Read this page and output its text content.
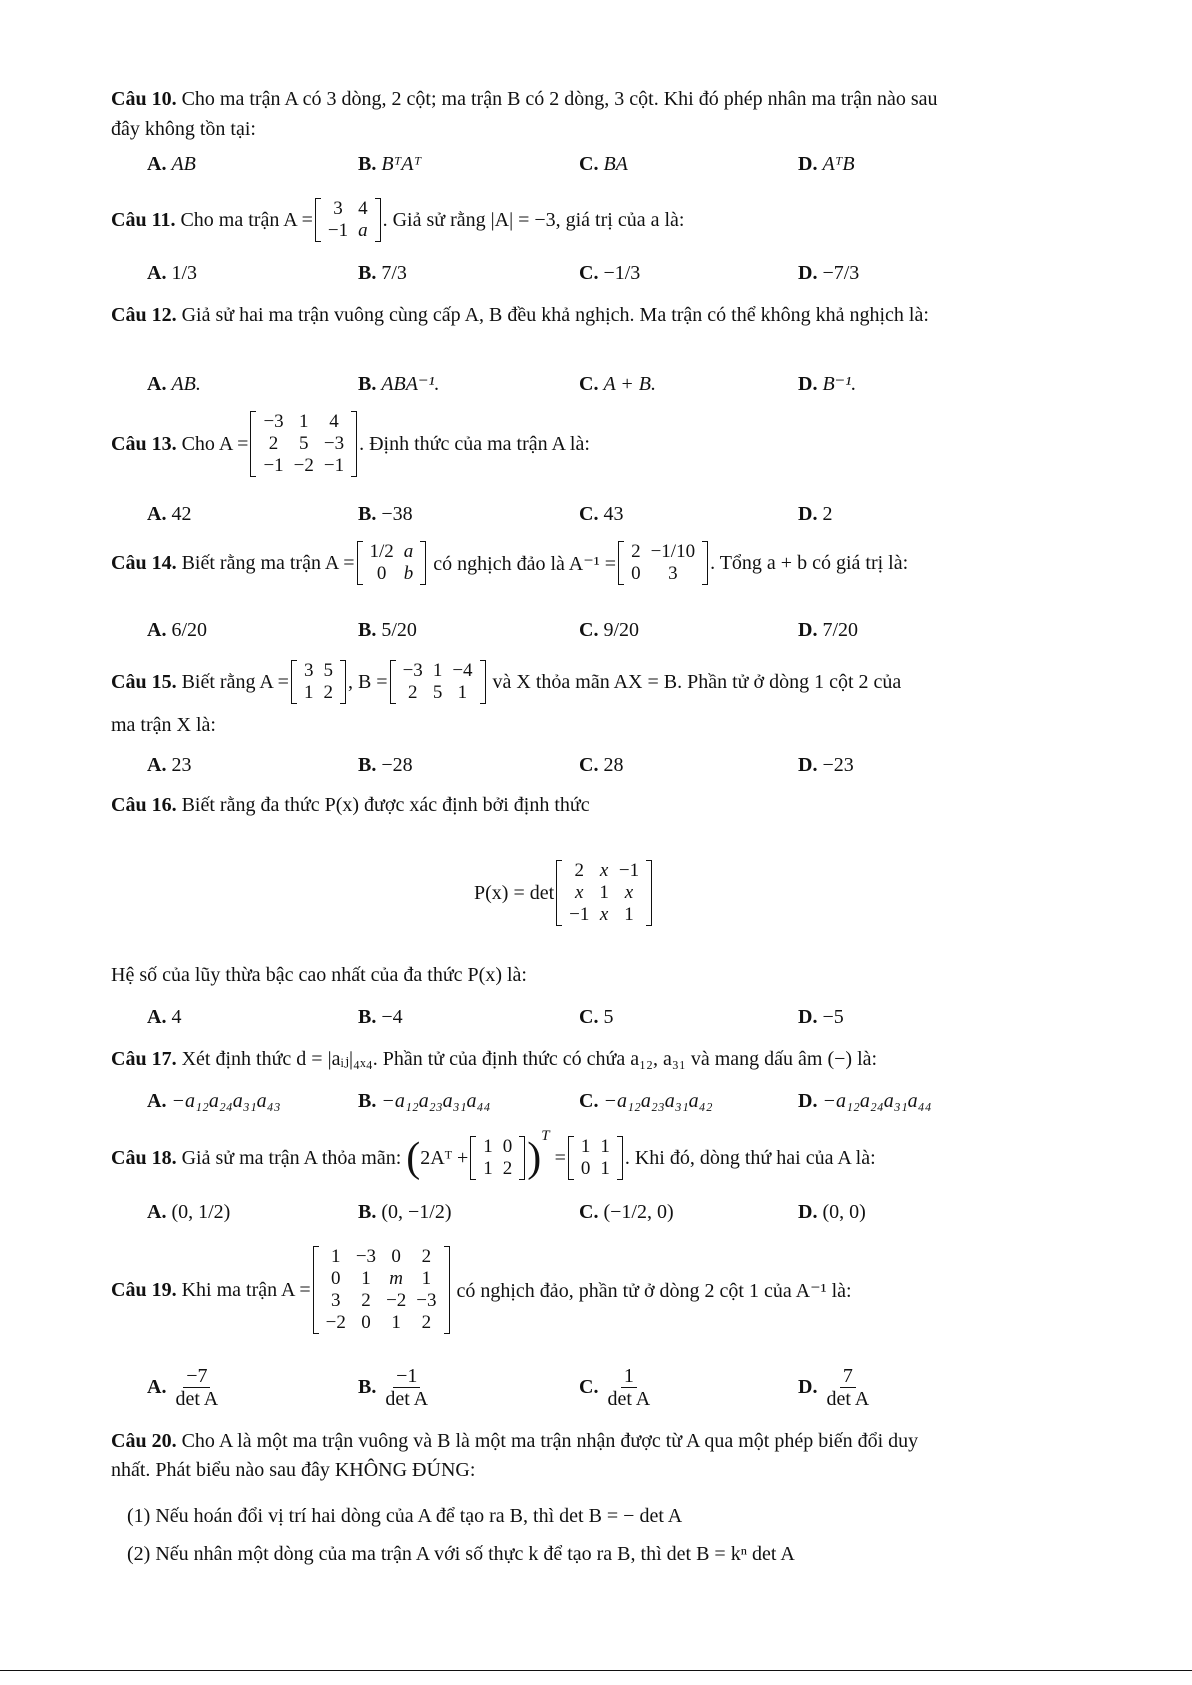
Câu 10. Cho ma trận A có 3 dòng, 2 cột; ma trận B có 2 dòng, 3 cột. Khi đó phép nhân ma trận nào sau
đây không tồn tại:
A. AB	B. BᵀAᵀ	C. BA	D. AᵀB
Câu 11.
Cho ma trận A = 3	4
−1	a . Giả sử rằng |A| = −3, giá trị của a là:
A. 1/3	B. 7/3	C. −1/3	D. −7/3
Câu 12. Giả sử hai ma trận vuông cùng cấp A, B đều khả nghịch. Ma trận có thể không khả nghịch là:
A. AB.	B. ABA⁻¹.	C. A + B.	D. B⁻¹.
Câu 13.
Cho A =
−3	1	4
2	5	−3
−1	−2	−1
. Định thức của ma trận A là:
A. 42	B. −38	C. 43	D. 2
Câu 14.
Biết rằng ma trận A = 1/2	a
0	b
có nghịch đảo là A⁻¹ =
2	−1/10
0	3 . Tổng a + b có giá trị là:
A. 6/20	B. 5/20	C. 9/20	D. 7/20
Câu 15.
Biết rằng A = 3	5
1	2 , B = −3	1	−4
2	5	1
và X thỏa mãn AX = B. Phần tử ở dòng 1 cột 2 của
ma trận X là:
A. 23	B. −28	C. 28	D. −23
Câu 16. Biết rằng đa thức P(x) được xác định bởi định thức
P(x) = det
2	x	−1
x	1	x
−1	x	1
Hệ số của lũy thừa bậc cao nhất của đa thức P(x) là:
A. 4	B. −4	C. 5	D. −5
Câu 17. Xét định thức d = |aᵢⱼ|₄ₓ₄. Phần tử của định thức có chứa a₁₂, a₃₁ và mang dấu âm (−) là:
A. −a₁₂a₂₄a₃₁a₄₃	B. −a₁₂a₂₃a₃₁a₄₄	C. −a₁₂a₂₃a₃₁a₄₂	D. −a₁₂a₂₄a₃₁a₄₄
Câu 18.
Giả sử ma trận A thỏa mãn:
( 2Aᵀ + 1	0
1	2 )$^T$

= 1	1
0	1 . Khi đó, dòng thứ hai của A là:
A. (0, 1/2)	B. (0, −1/2)	C. (−1/2, 0)	D. (0, 0)
Câu 19.
Khi ma trận A =
1	−3	0	2
0	1	m	1
3	2	−2	−3
−2	0	1	2

có nghịch đảo, phần tử ở dòng 2 cột 1 của A⁻¹ là:
A. $\frac{-7}{\text{det A}}$	B. $\frac{-1}{\text{det A}}$	C. $\frac{1}{\text{det A}}$	D. $\frac{7}{\text{det A}}$
Câu 20. Cho A là một ma trận vuông và B là một ma trận nhận được từ A qua một phép biến đổi duy
nhất. Phát biểu nào sau đây KHÔNG ĐÚNG:
(1) Nếu hoán đổi vị trí hai dòng của A để tạo ra B, thì det B = − det A
(2) Nếu nhân một dòng của ma trận A với số thực k để tạo ra B, thì det B = kⁿ det A
